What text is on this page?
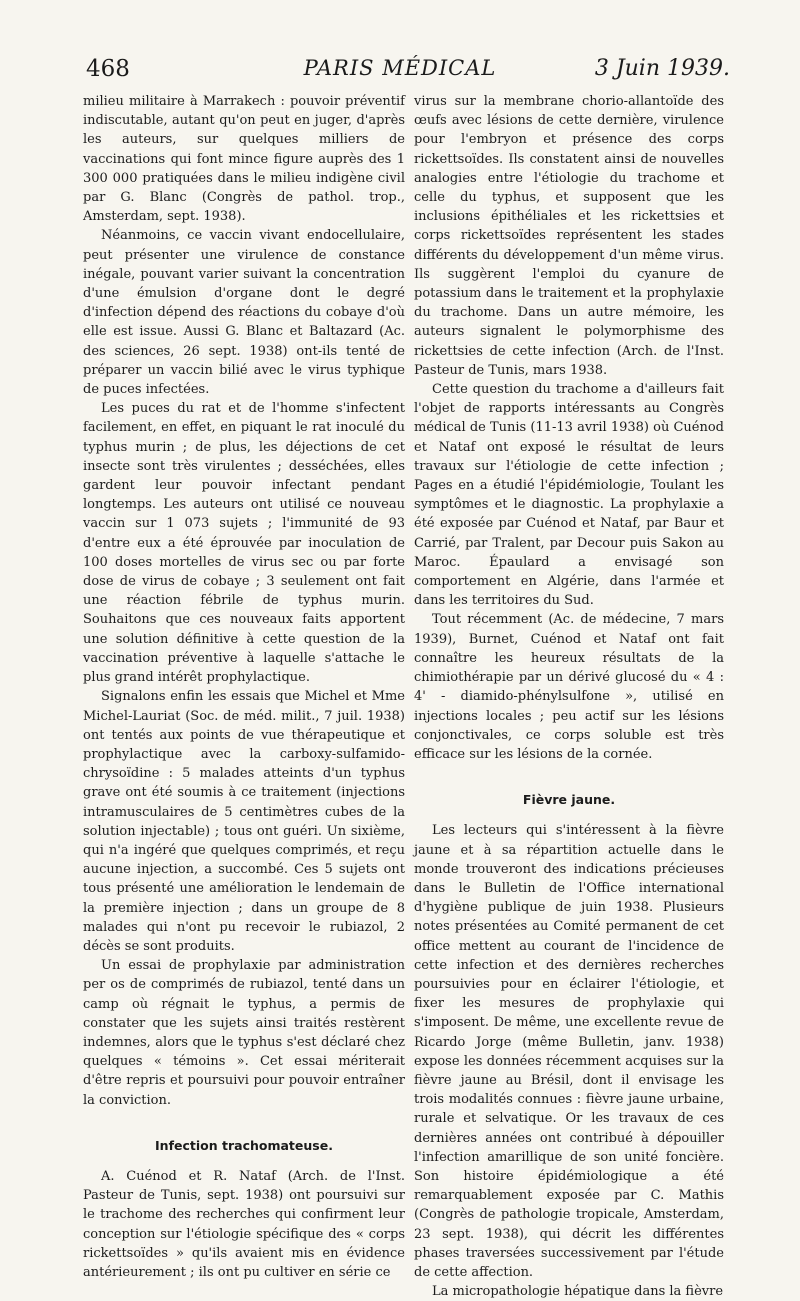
468	PARIS MÉDICAL	3 Juin 1939.

milieu militaire à Marrakech : pouvoir préventif indiscutable, autant qu'on peut en juger, d'après les auteurs, sur quelques milliers de vaccinations qui font mince figure auprès des 1 300 000 pratiquées dans le milieu indigène civil par G. Blanc (Congrès de pathol. trop., Amsterdam, sept. 1938).

Néanmoins, ce vaccin vivant endocellulaire, peut présenter une virulence de constance inégale, pouvant varier suivant la concentration d'une émulsion d'organe dont le degré d'infection dépend des réactions du cobaye d'où elle est issue. Aussi G. Blanc et Baltazard (Ac. des sciences, 26 sept. 1938) ont-ils tenté de préparer un vaccin bilié avec le virus typhique de puces infectées.

Les puces du rat et de l'homme s'infectent facilement, en effet, en piquant le rat inoculé du typhus murin ; de plus, les déjections de cet insecte sont très virulentes ; desséchées, elles gardent leur pouvoir infectant pendant longtemps. Les auteurs ont utilisé ce nouveau vaccin sur 1 073 sujets ; l'immunité de 93 d'entre eux a été éprouvée par inoculation de 100 doses mortelles de virus sec ou par forte dose de virus de cobaye ; 3 seulement ont fait une réaction fébrile de typhus murin. Souhaitons que ces nouveaux faits apportent une solution définitive à cette question de la vaccination préventive à laquelle s'attache le plus grand intérêt prophylactique.

Signalons enfin les essais que Michel et Mme Michel-Lauriat (Soc. de méd. milit., 7 juil. 1938) ont tentés aux points de vue thérapeutique et prophylactique avec la carboxy-sulfamido-chrysoïdine : 5 malades atteints d'un typhus grave ont été soumis à ce traitement (injections intramusculaires de 5 centimètres cubes de la solution injectable) ; tous ont guéri. Un sixième, qui n'a ingéré que quelques comprimés, et reçu aucune injection, a succombé. Ces 5 sujets ont tous présenté une amélioration le lendemain de la première injection ; dans un groupe de 8 malades qui n'ont pu recevoir le rubiazol, 2 décès se sont produits.

Un essai de prophylaxie par administration per os de comprimés de rubiazol, tenté dans un camp où régnait le typhus, a permis de constater que les sujets ainsi traités restèrent indemnes, alors que le typhus s'est déclaré chez quelques « témoins ». Cet essai mériterait d'être repris et poursuivi pour pouvoir entraîner la conviction.

Infection trachomateuse.

A. Cuénod et R. Nataf (Arch. de l'Inst. Pasteur de Tunis, sept. 1938) ont poursuivi sur le trachome des recherches qui confirment leur conception sur l'étiologie spécifique des « corps rickettsoïdes » qu'ils avaient mis en évidence antérieurement ; ils ont pu cultiver en série ce

virus sur la membrane chorio-allantoïde des œufs avec lésions de cette dernière, virulence pour l'embryon et présence des corps rickettsoïdes. Ils constatent ainsi de nouvelles analogies entre l'étiologie du trachome et celle du typhus, et supposent que les inclusions épithéliales et les rickettsies et corps rickettsoïdes représentent les stades différents du développement d'un même virus. Ils suggèrent l'emploi du cyanure de potassium dans le traitement et la prophylaxie du trachome. Dans un autre mémoire, les auteurs signalent le polymorphisme des rickettsies de cette infection (Arch. de l'Inst. Pasteur de Tunis, mars 1938.

Cette question du trachome a d'ailleurs fait l'objet de rapports intéressants au Congrès médical de Tunis (11-13 avril 1938) où Cuénod et Nataf ont exposé le résultat de leurs travaux sur l'étiologie de cette infection ; Pages en a étudié l'épidémiologie, Toulant les symptômes et le diagnostic. La prophylaxie a été exposée par Cuénod et Nataf, par Baur et Carrié, par Tralent, par Decour puis Sakon au Maroc. Épaulard a envisagé son comportement en Algérie, dans l'armée et dans les territoires du Sud.

Tout récemment (Ac. de médecine, 7 mars 1939), Burnet, Cuénod et Nataf ont fait connaître les heureux résultats de la chimiothérapie par un dérivé glucosé du « 4 : 4' - diamido-phénylsulfone », utilisé en injections locales ; peu actif sur les lésions conjonctivales, ce corps soluble est très efficace sur les lésions de la cornée.

Fièvre jaune.

Les lecteurs qui s'intéressent à la fièvre jaune et à sa répartition actuelle dans le monde trouveront des indications précieuses dans le Bulletin de l'Office international d'hygiène publique de juin 1938. Plusieurs notes présentées au Comité permanent de cet office mettent au courant de l'incidence de cette infection et des dernières recherches poursuivies pour en éclairer l'étiologie, et fixer les mesures de prophylaxie qui s'imposent. De même, une excellente revue de Ricardo Jorge (même Bulletin, janv. 1938) expose les données récemment acquises sur la fièvre jaune au Brésil, dont il envisage les trois modalités connues : fièvre jaune urbaine, rurale et selvatique. Or les travaux de ces dernières années ont contribué à dépouiller l'infection amarillique de son unité foncière. Son histoire épidémiologique a été remarquablement exposée par C. Mathis (Congrès de pathologie tropicale, Amsterdam, 23 sept. 1938), qui décrit les différentes phases traversées successivement par l'étude de cette affection.

La micropathologie hépatique dans la fièvre
